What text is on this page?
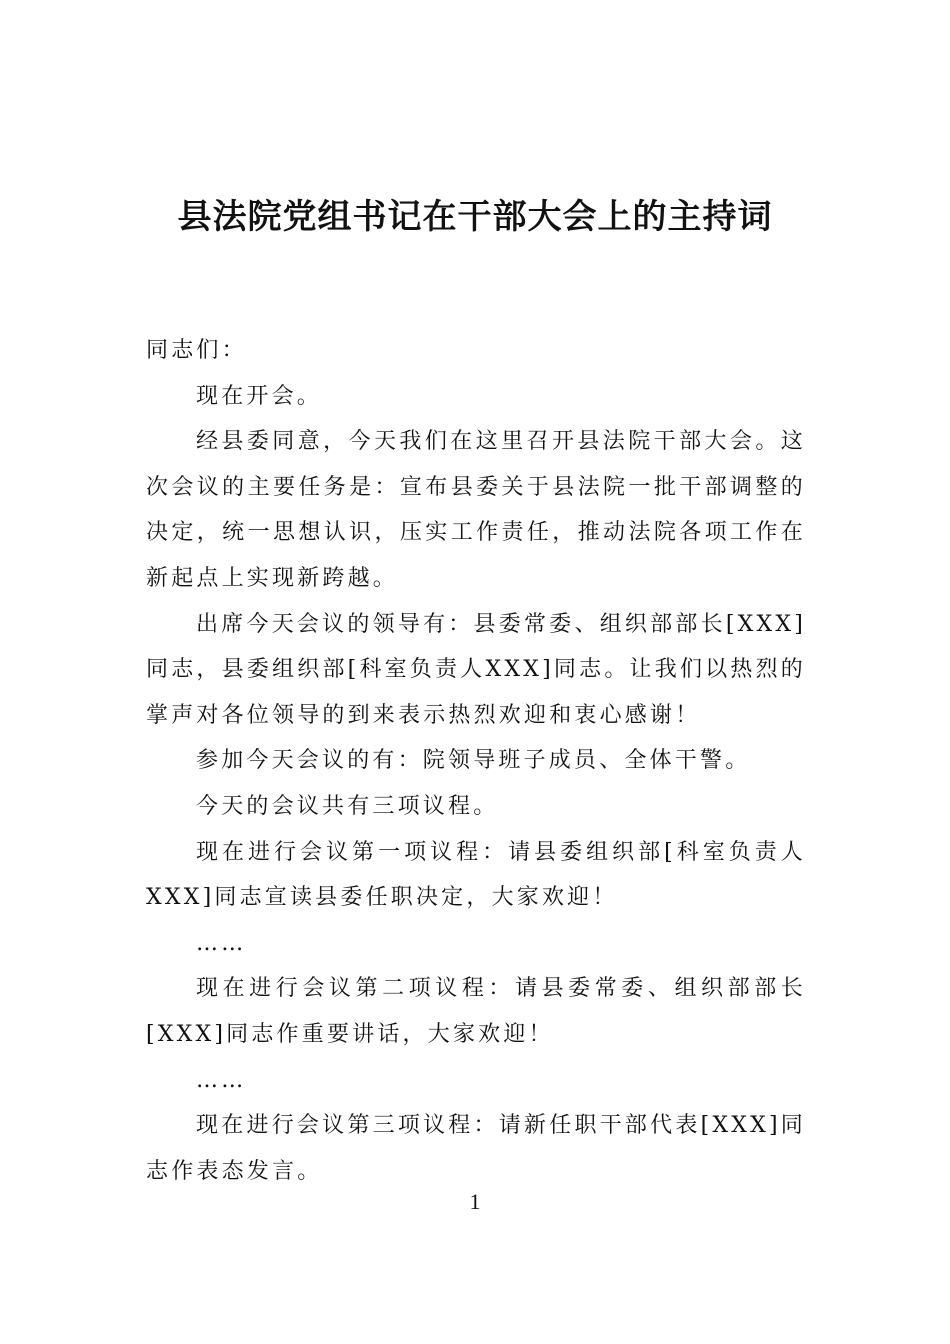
县法院党组书记在干部大会上的主持词

同志们：

现在开会。

经县委同意，今天我们在这里召开县法院干部大会。这次会议的主要任务是：宣布县委关于县法院一批干部调整的决定，统一思想认识，压实工作责任，推动法院各项工作在新起点上实现新跨越。

出席今天会议的领导有：县委常委、组织部部长[XXX]同志，县委组织部[科室负责人XXX]同志。让我们以热烈的掌声对各位领导的到来表示热烈欢迎和衷心感谢！

参加今天会议的有：院领导班子成员、全体干警。

今天的会议共有三项议程。

现在进行会议第一项议程：请县委组织部[科室负责人XXX]同志宣读县委任职决定，大家欢迎！

……

现在进行会议第二项议程：请县委常委、组织部部长[XXX]同志作重要讲话，大家欢迎！

……

现在进行会议第三项议程：请新任职干部代表[XXX]同志作表态发言。

1
